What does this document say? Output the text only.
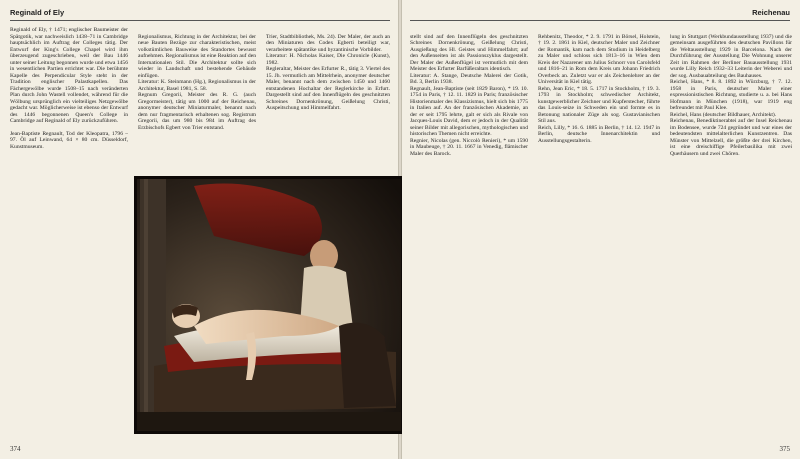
Reginald of Ely

Reginald of Ely, † 1471; englischer Baumeister der Spätgotik, war nachweislich 1438–71 in Cambridge hauptsächlich im Auftrag der Colleges tätig. Der Entwurf der King's College Chapel wird ihm überzeugend zugeschrieben, weil der Bau 1446 unter seiner Leitung begonnen wurde und etwa 1456 in wesentlichen Partien errichtet war. Die berühmte Kapelle des Perpendicular Style steht in der Tradition englischer Palastkapellen. Das Fächergewölbe wurde 1508–15 nach veränderten Plan durch John Wastell vollendet, während für die Wölbung ursprünglich ein vielteiliges Netzgewölbe gedacht war. Möglicherweise ist ebenso der Entwurf des 1446 begonnenen Queen's College in Cambridge auf Reginald of Ely zurückzuführen.

Jean-Baptiste Regnault, Tod der Kleopatra, 1796 – 97. Öl auf Leinwand, 64 × 80 cm. Düsseldorf, Kunstmuseum.

Regionalismus, Richtung in der Architektur, bei der neue Bauten Bezüge zur charakteristischen, meist volkstümlichen Bauweise des Standortes bewusst aufnehmen. Regionalismus ist eine Reaktion auf den Internationalen Stil. Die Architektur sollte sich wieder in Landschaft und bestehende Gebäude einfügen.
Literatur: K. Steinmann (Hg.), Regionalismus in der Architektur, Basel 1981, S. 58.
Regnum Gregorii, Meister des R. G. (auch Gregormeister), tätig um 1000 auf der Reichenau, anonymer deutscher Miniaturmaler, benannt nach dem nur fragmentarisch erhaltenen sog. Registrum Gregorii, das um 980 bis 984 im Auftrag des Erzbischofs Egbert von Trier entstand.

Trier, Stadtbibliothek, Ms. 24). Der Maler, der auch an den Miniaturen des Codex Egberti beteiligt war, verarbeitete spätantike und byzantinische Vorbilder.
Literatur: H. Nicholas Kaiser, Die Chronicle (Kunst), 1982.
Regleraltar, Meister des Erfurter R., tätig 3. Viertel des 15. Jh. vermutlich am Mittelrhein, anonymer deutscher Maler, benannt nach dem zwischen 1450 und 1460 entstandenen Hochaltar der Reglerkirche in Erfurt. Dargestellt sind auf den Innenflügeln des geschnitzten Schreines Dornenkrönung, Geißelung Christi, Auspeitschung und Himmelfahrt.

374
Reichenau

stellt sind auf den Innenflügeln des geschnitzten Schreines Dornenkrönung, Geißelung Christi, Ausgießung des Hl. Geistes und Himmelfahrt; auf den Außenseiten ist als Passionszyklus dargestellt. Der Maler der Außenflügel ist vermutlich mit dem Meister des Erfurter Barfüßeraltars identisch.
Literatur: A. Stange, Deutsche Malerei der Gotik, Bd. 3, Berlin 1938.
Regnault, Jean-Baptiste (seit 1829 Baron), * 19. 10. 1754 in Paris, † 12. 11. 1829 in Paris; französischer Historienmaler des Klassizismus, hielt sich bis 1775 in Italien auf. An der französischen Akademie, an der er seit 1795 lehrte, galt er sich als Rivale von Jacques-Louis David, dem er jedoch in der Qualität seiner Bilder mit allegorischen, mythologischen und historischen Themen nicht erreichte.
Regnier, Nicolas (gen. Niccolò Renieri), * um 1590 in Maubeuge, † 20. 11. 1667 in Venedig, flämischer Maler des Barock.

Rehbenitz, Theodor, * 2. 9. 1791 in Börsel, Holstein, † 19. 2. 1861 in Kiel, deutscher Maler und Zeichner der Romantik, kam nach dem Studium in Heidelberg zu Maler und schloss sich 1813–16 in Wien dem Kreis der Nazarener um Julius Schnorr von Carolsfeld und 1816–21 in Rom dem Kreis um Johann Friedrich Overbeck an. Zuletzt war er als Zeichenlehrer an der Universität in Kiel tätig.
Rehn, Jean Eric, * 18. 5. 1717 in Stockholm, † 19. 3. 1793 in Stockholm; schwedischer Architekt, kunstgewerblicher Zeichner und Kupferstecher, führte das Louis-seize in Schweden ein und formte es in Betonung nationaler Züge als sog. Gustavianischen Stil aus.
Reich, Lilly, * 16. 6. 1885 in Berlin, † 14. 12. 1947 in Berlin, deutsche Innenarchitektin und Ausstellungsgestalterin.

lung in Stuttgart (Werkbundausstellung 1937) und die gemeinsam ausgeführten des deutschen Pavillons für die Weltausstellung 1929 in Barcelona. Nach der Durchführung der Ausstellung Die Wohnung unserer Zeit im Rahmen der Berliner Bauausstellung 1931 wurde Lilly Reich 1932–33 Leiterin der Weberei und der sog. Ausbauabteilung des Bauhauses.
Reichel, Hans, * 8. 8. 1892 in Würzburg, † 7. 12. 1958 in Paris, deutscher Maler einer expressionistischen Richtung, studierte u. a. bei Hans Hofmann in München (1918), war 1919 eng befreundet mit Paul Klee.
Reichel, Hans (deutscher Bildhauer, Architekt).
Reichenau, Benediktinerabtei auf der Insel Reichenau im Bodensee, wurde 724 gegründet und war eines der bedeutendsten mittelalterlichen Kunstzentren. Das Münster von Mittelzell, die größte der drei Kirchen, ist eine dreischiffige Pfeilerbasilika mit zwei Querhäusern und zwei Chören.

375
